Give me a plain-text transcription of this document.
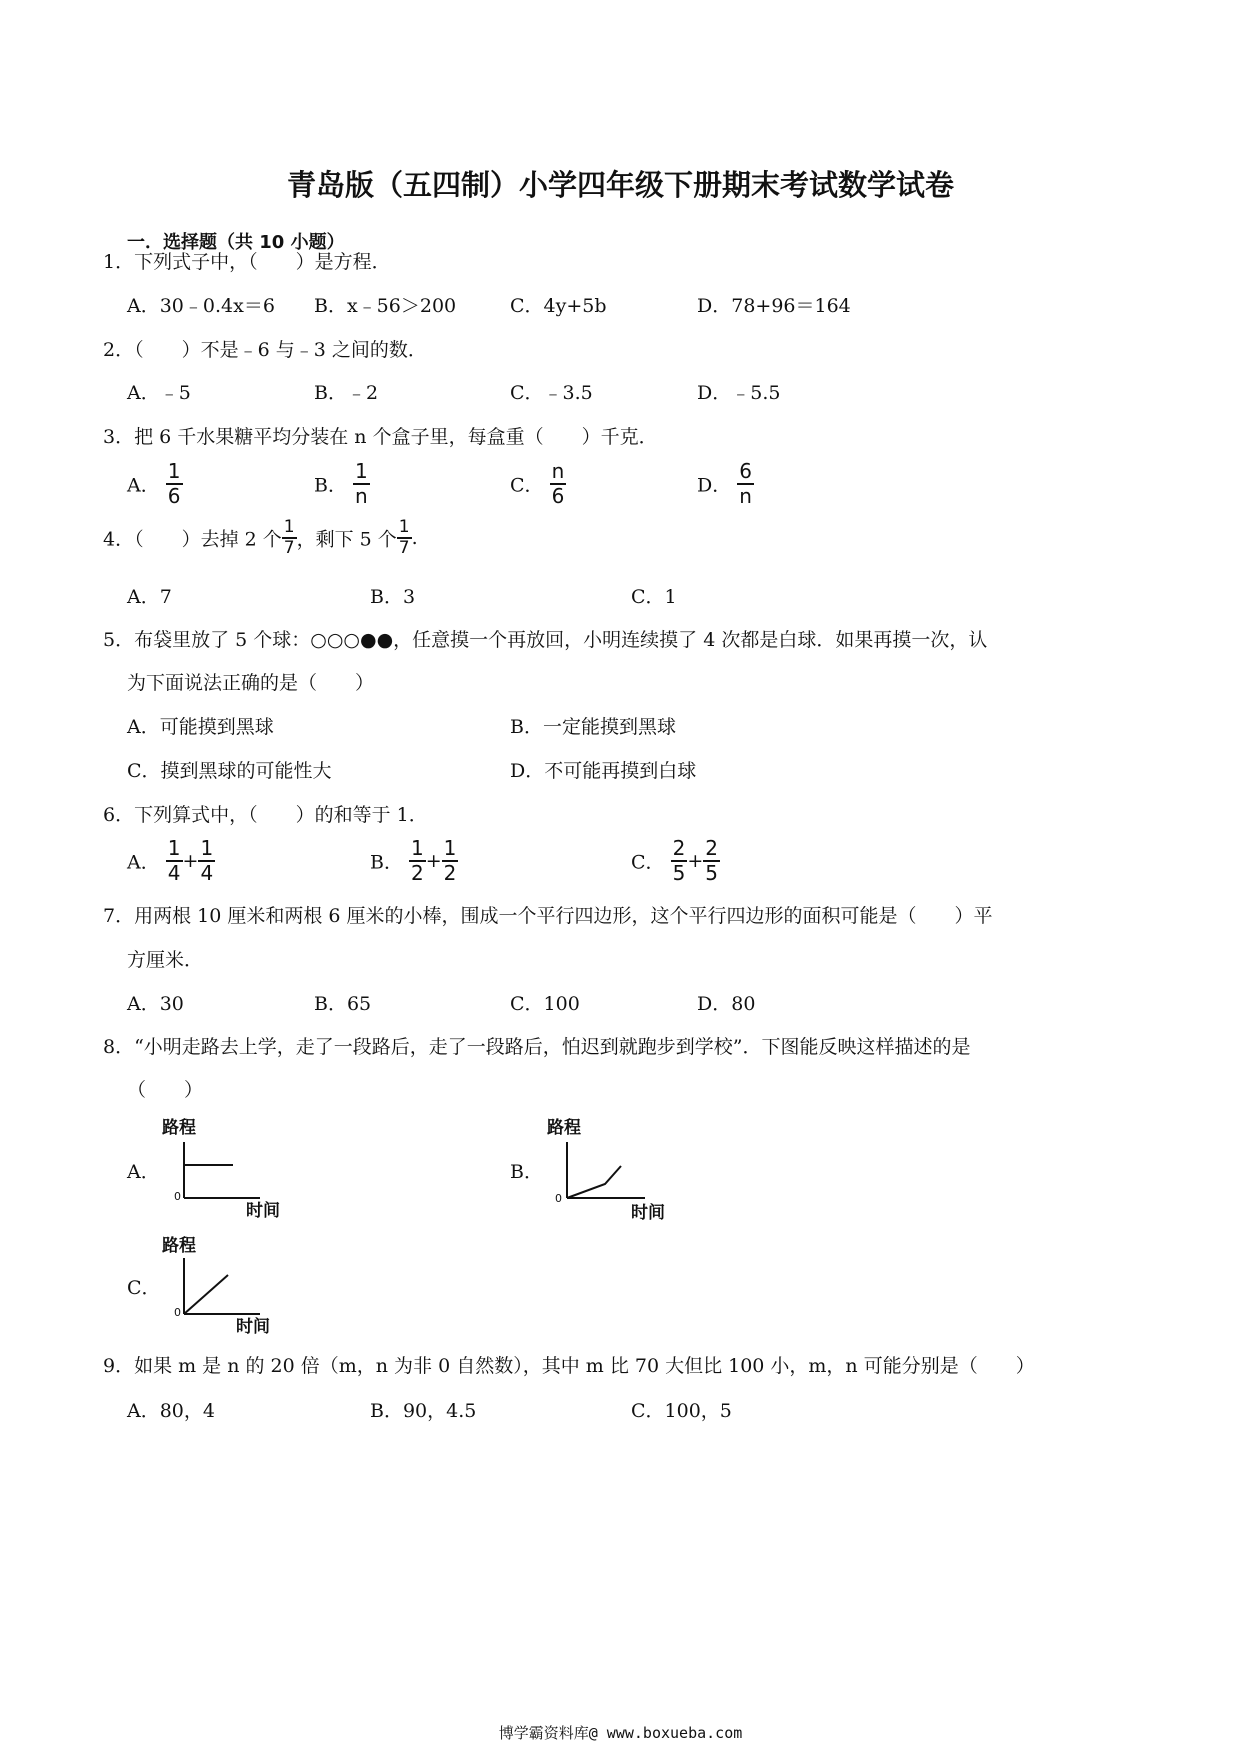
青岛版（五四制）小学四年级下册期末考试数学试卷
一．选择题（共 10 小题）
1．下列式子中，（　　）是方程．
A．30﹣0.4x＝6 B．x﹣56＞200	C．4y+5b	D．78+96＝164
2．（　　）不是﹣6 与﹣3 之间的数．
A．﹣5	B．﹣2	C．﹣3.5	D．﹣5.5
3．把 6 千水果糖平均分装在 n 个盒子里，每盒重（　　）千克．
A． $\frac{1}{6}$	B． $\frac{1}{n}$	C． $\frac{n}{6}$	D． $\frac{6}{n}$
4．（　　）去掉 2 个 $\frac{1}{7}$ ，剩下 5 个 $\frac{1}{7}$ .
A．7	B．3	C．1
5．布袋里放了 5 个球：○○○●●，任意摸一个再放回，小明连续摸了 4 次都是白球．如果再摸一次，认
为下面说法正确的是（　　）
A．可能摸到黑球	B．一定能摸到黑球
C．摸到黑球的可能性大	D．不可能再摸到白球
6．下列算式中，（　　）的和等于 1．
A． $\frac{1}{4} + \frac{1}{4}$	B． $\frac{1}{2} + \frac{1}{2}$	C． $\frac{2}{5} + \frac{2}{5}$
7．用两根 10 厘米和两根 6 厘米的小棒，围成一个平行四边形，这个平行四边形的面积可能是（　　）平
方厘米．
A．30	B．65	C．100	D．80
8．“小明走路去上学，走了一段路后，走了一段路后，怕迟到就跑步到学校”．下图能反映这样描述的是
（　　）
A．	B．
C．
路程
时间
0
路程
时间
0
路程
时间
0
9．如果 m 是 n 的 20 倍（m，n 为非 0 自然数），其中 m 比 70 大但比 100 小，m，n 可能分别是（　　）
A．80，4	B．90，4.5	C．100，5
博学霸资料库@ www.boxueba.com
